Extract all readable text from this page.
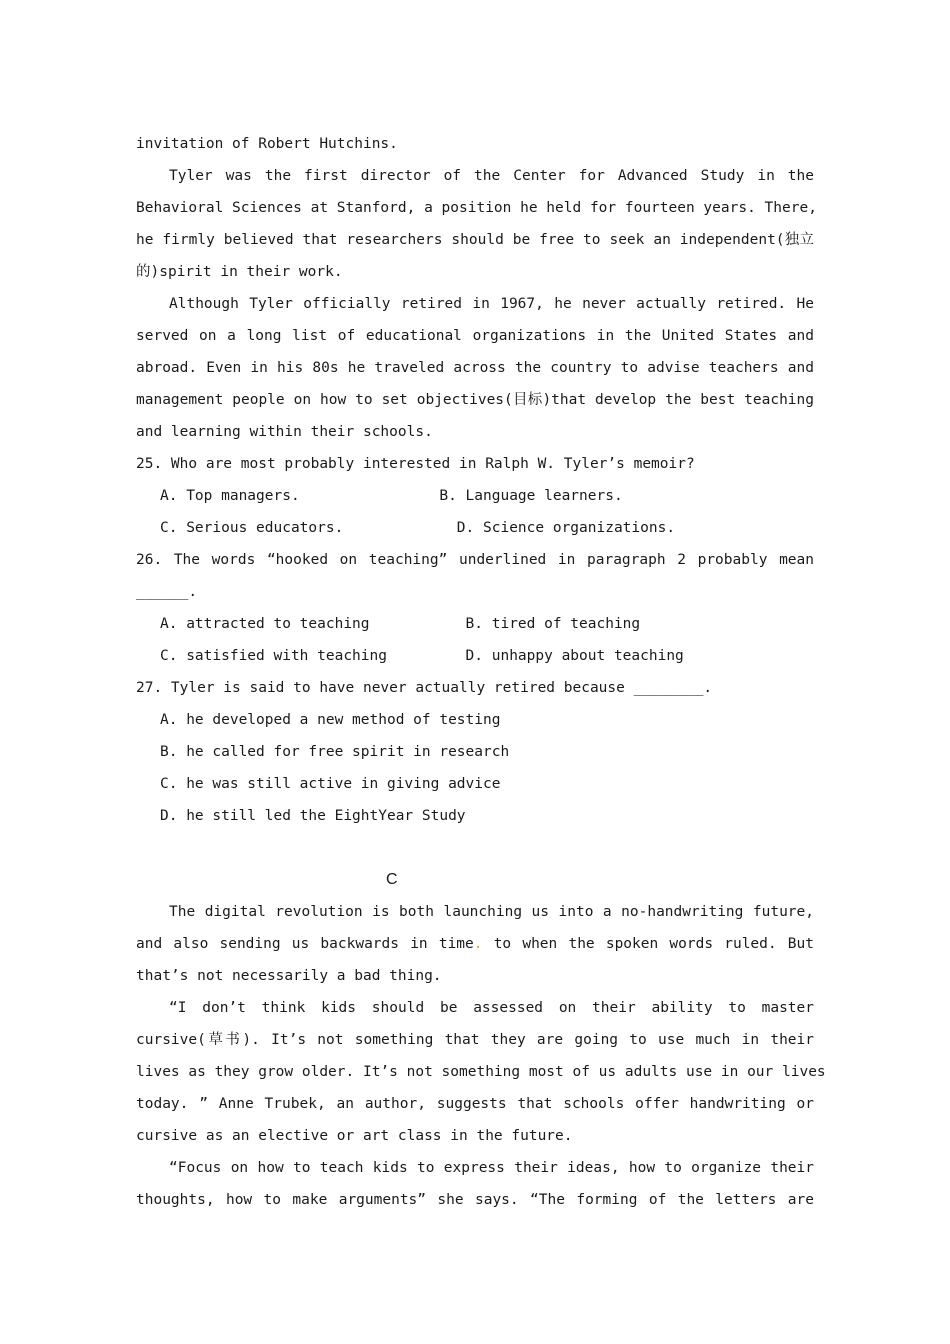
invitation of Robert Hutchins.
Tyler was the first director of the Center for Advanced Study in the
Behavioral Sciences at Stanford, a position he held for fourteen years. There,
he firmly believed that researchers should be free to seek an independent(独立
的)spirit in their work.
Although Tyler officially retired in 1967, he never actually retired. He
served on a long list of educational organizations in the United States and
abroad. Even in his 80s he traveled across the country to advise teachers and
management people on how to set objectives(目标)that develop the best teaching
and learning within their schools.
25. Who are most probably interested in Ralph W. Tyler’s memoir?
A. Top managers.                B. Language learners.
C. Serious educators.             D. Science organizations.
26. The words “hooked on teaching” underlined in paragraph 2 probably mean
______.
A. attracted to teaching           B. tired of teaching
C. satisfied with teaching         D. unhappy about teaching
27. Tyler is said to have never actually retired because ________.
A. he developed a new method of testing
B. he called for free spirit in research
C. he was still active in giving advice
D. he still led the EightYear Study
C
The digital revolution is both launching us into a no-handwriting future,
and also sending us backwards in time. to when the spoken words ruled. But
that’s not necessarily a bad thing.
“I don’t think kids should be assessed on their ability to master
cursive(草书). It’s not something that they are going to use much in their
lives as they grow older. It’s not something most of us adults use in our lives
today. ” Anne Trubek, an author, suggests that schools offer handwriting or
cursive as an elective or art class in the future.
“Focus on how to teach kids to express their ideas, how to organize their
thoughts, how to make arguments” she says. “The forming of the letters are
